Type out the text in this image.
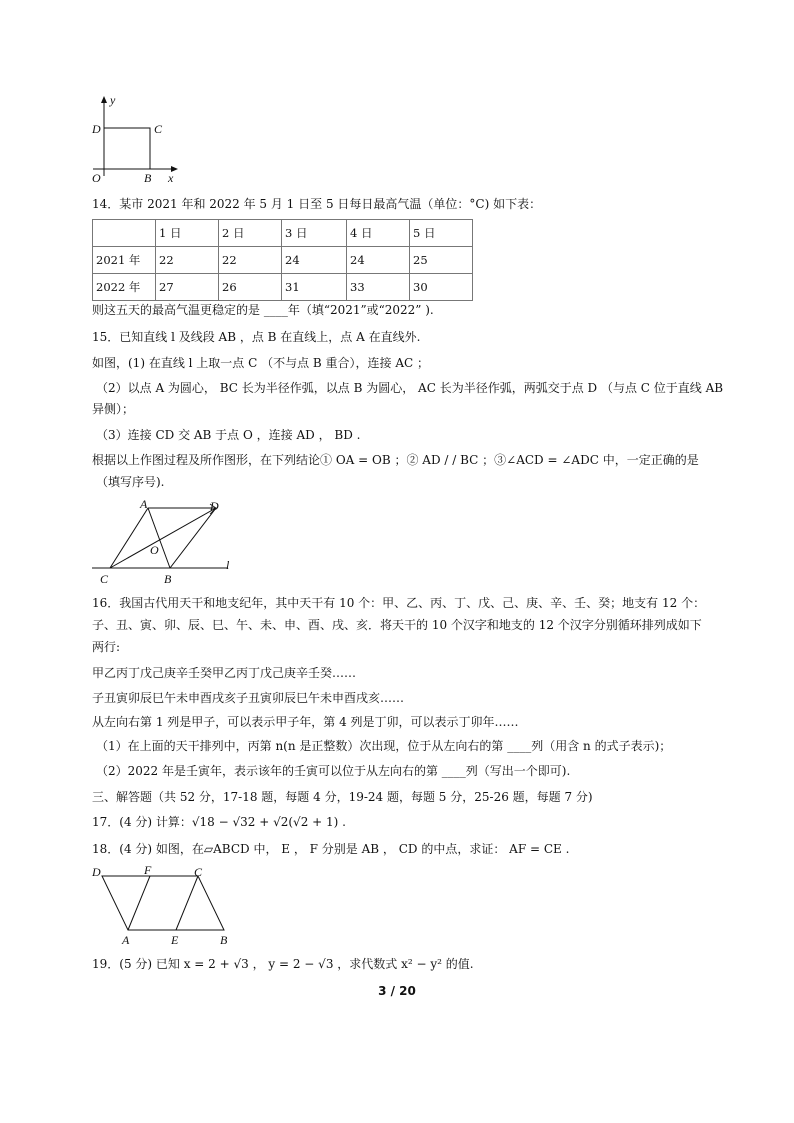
y
D	C
O	B x
14．某市 2021 年和 2022 年 5 月 1 日至 5 日每日最高气温（单位：°C) 如下表：
	1 日	2 日	3 日	4 日	5 日
2021 年	22	22	24	24	25
2022 年	27	26	31	33	30
则这五天的最高气温更稳定的是 ____年（填“2021”或“2022” ).
15．已知直线 l 及线段 AB ，点 B 在直线上，点 A 在直线外.
如图，(1) 在直线 l 上取一点 C （不与点 B 重合），连接 AC ；
（2）以点 A 为圆心， BC 长为半径作弧，以点 B 为圆心， AC 长为半径作弧，两弧交于点 D （与点 C 位于直线 AB
异侧）；
（3）连接 CD 交 AB 于点 O ，连接 AD ， BD .
根据以上作图过程及所作图形，在下列结论① OA = OB ；② AD / / BC ；③∠ACD = ∠ADC 中，一定正确的是
（填写序号).
A	D
O
C	B
l
16．我国古代用天干和地支纪年，其中天干有 10 个：甲、乙、丙、丁、戊、己、庚、辛、壬、癸；地支有 12 个：
子、丑、寅、卯、辰、巳、午、未、申、酉、戌、亥．将天干的 10 个汉字和地支的 12 个汉字分别循环排列成如下
两行:
甲乙丙丁戊己庚辛壬癸甲乙丙丁戊己庚辛壬癸……
子丑寅卯辰巳午未申酉戌亥子丑寅卯辰巳午未申酉戌亥……
从左向右第 1 列是甲子，可以表示甲子年，第 4 列是丁卯，可以表示丁卯年……
（1）在上面的天干排列中，丙第 n(n 是正整数）次出现，位于从左向右的第 ____列（用含 n 的式子表示)；
（2）2022 年是壬寅年，表示该年的壬寅可以位于从左向右的第 ____列（写出一个即可).
三、解答题（共 52 分，17-18 题，每题 4 分，19-24 题，每题 5 分，25-26 题，每题 7 分)
17．(4 分) 计算：√18 − √32 + √2(√2 + 1) .
18．(4 分) 如图，在▱ABCD 中， E ， F 分别是 AB ， CD 的中点，求证： AF = CE .
D	F	C
A	E	B
19．(5 分) 已知 x = 2 + √3 ， y = 2 − √3 ，求代数式 x² − y² 的值.
3 / 20
